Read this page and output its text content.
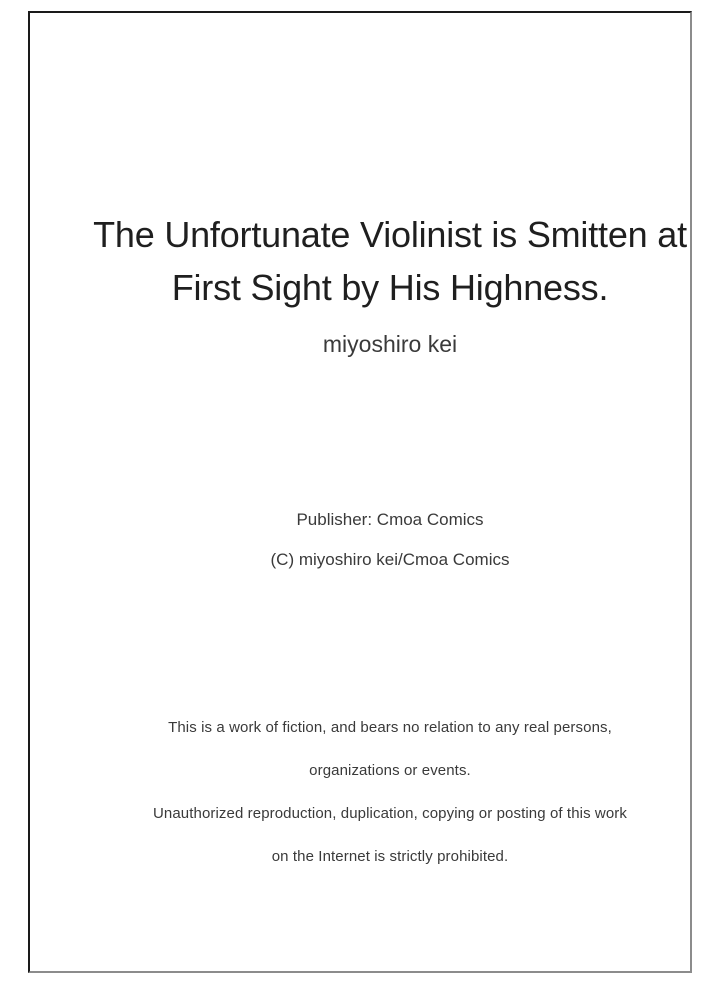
The Unfortunate Violinist is Smitten at
First Sight by His Highness.
miyoshiro kei
Publisher: Cmoa Comics
(C) miyoshiro kei/Cmoa Comics
This is a work of fiction, and bears no relation to any real persons,
organizations or events.
Unauthorized reproduction, duplication, copying or posting of this work
on the Internet is strictly prohibited.
